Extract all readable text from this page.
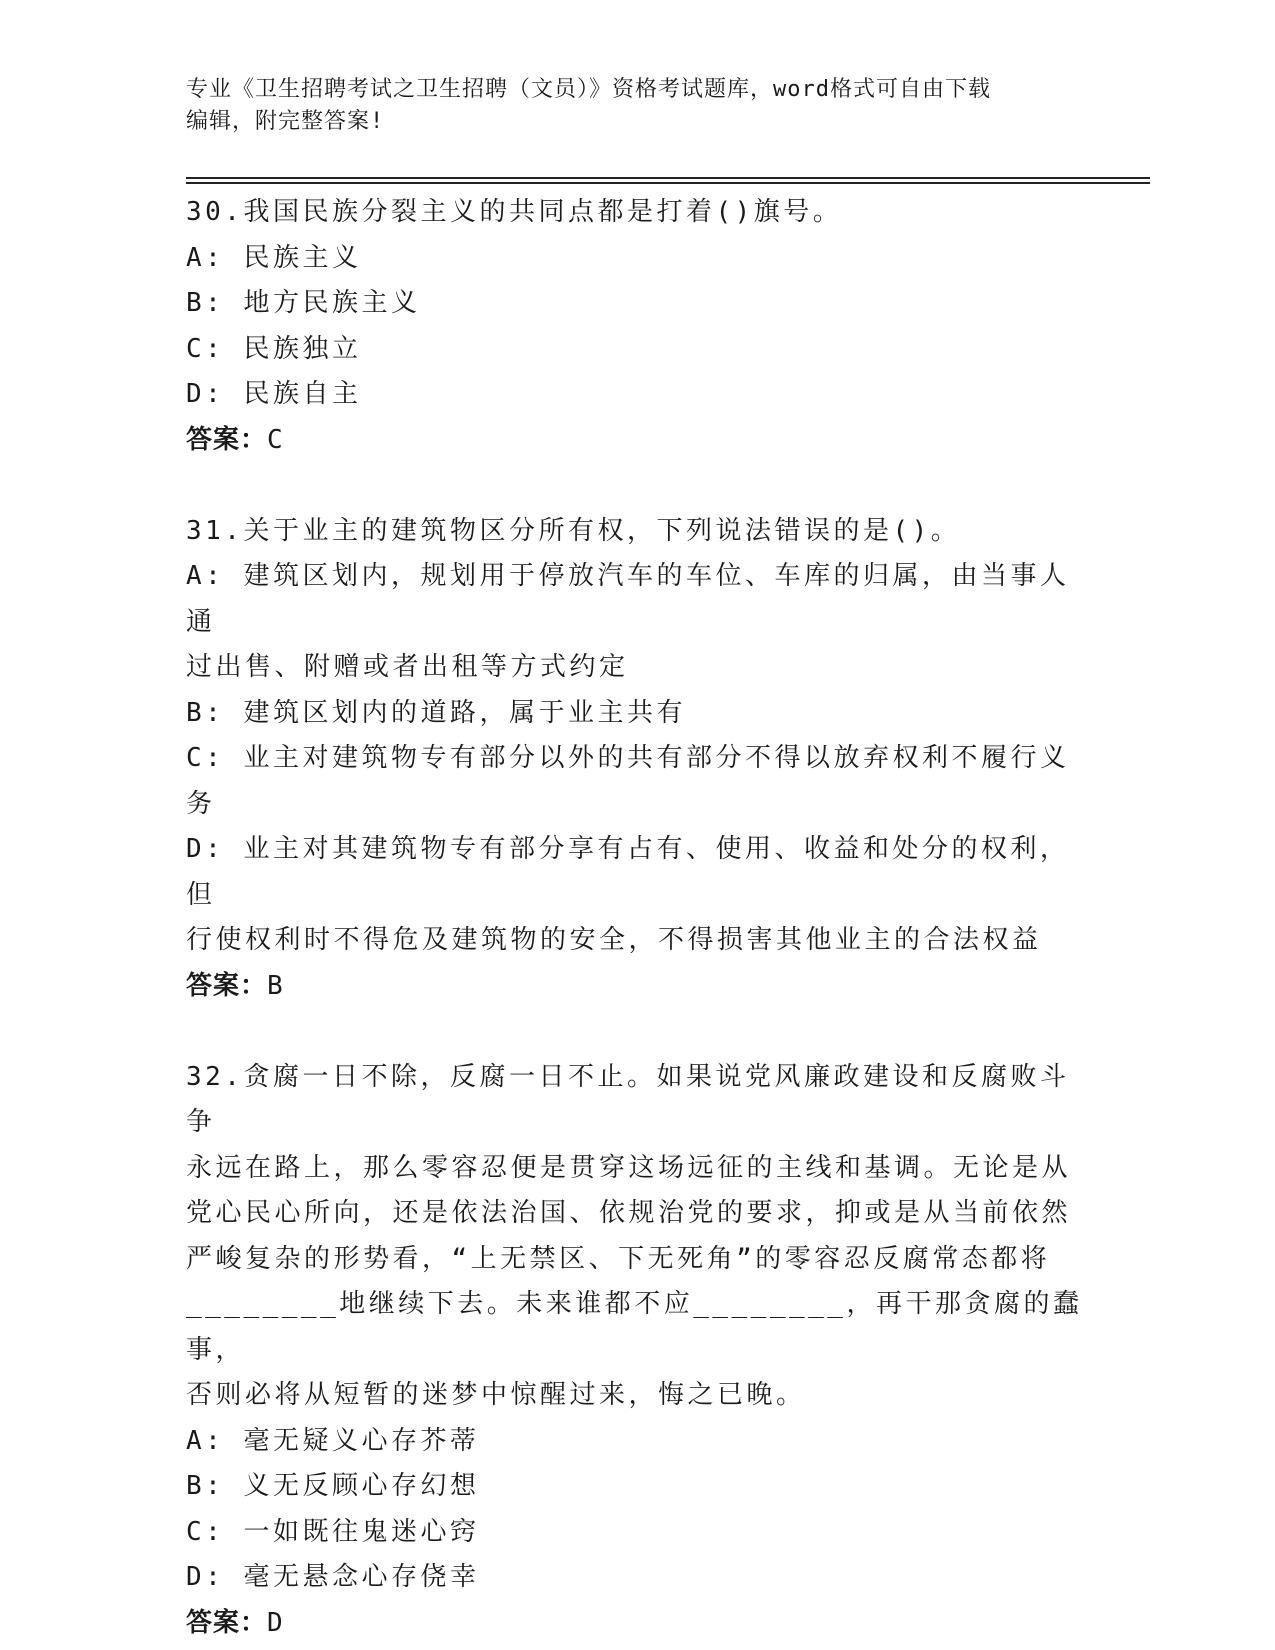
专业《卫生招聘考试之卫生招聘（文员）》资格考试题库，word格式可自由下载
编辑，附完整答案!
30.我国民族分裂主义的共同点都是打着()旗号。
A: 民族主义
B: 地方民族主义
C: 民族独立
D: 民族自主
答案：C
31.关于业主的建筑物区分所有权，下列说法错误的是()。
A: 建筑区划内，规划用于停放汽车的车位、车库的归属，由当事人通
过出售、附赠或者出租等方式约定
B: 建筑区划内的道路，属于业主共有
C: 业主对建筑物专有部分以外的共有部分不得以放弃权利不履行义务
D: 业主对其建筑物专有部分享有占有、使用、收益和处分的权利，但
行使权利时不得危及建筑物的安全，不得损害其他业主的合法权益
答案：B
32.贪腐一日不除，反腐一日不止。如果说党风廉政建设和反腐败斗争
永远在路上，那么零容忍便是贯穿这场远征的主线和基调。无论是从
党心民心所向，还是依法治国、依规治党的要求，抑或是从当前依然
严峻复杂的形势看，“上无禁区、下无死角”的零容忍反腐常态都将
________地继续下去。未来谁都不应________，再干那贪腐的蠢事，
否则必将从短暂的迷梦中惊醒过来，悔之已晚。
A: 毫无疑义心存芥蒂
B: 义无反顾心存幻想
C: 一如既往鬼迷心窍
D: 毫无悬念心存侥幸
答案：D
